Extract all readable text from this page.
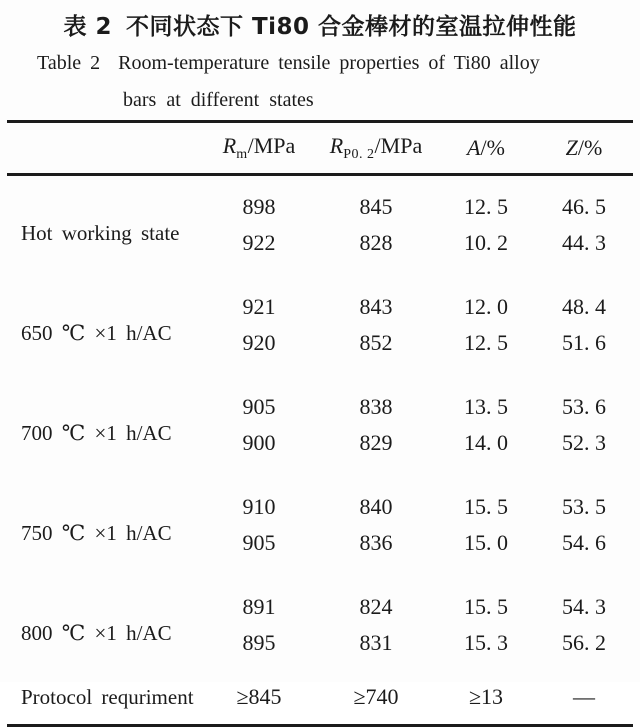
表 2 不同状态下 Ti80 合金棒材的室温拉伸性能
Table 2 Room-temperature tensile properties of Ti80 alloy
bars at different states
	$R_m$/MPa	$R_{P0. 2}$/MPa	A/%	Z/%
Hot working state	898	845	12. 5	46. 5
	922	828	10. 2	44. 3
650 ℃ ×1 h/AC	921	843	12. 0	48. 4
	920	852	12. 5	51. 6
700 ℃ ×1 h/AC	905	838	13. 5	53. 6
	900	829	14. 0	52. 3
750 ℃ ×1 h/AC	910	840	15. 5	53. 5
	905	836	15. 0	54. 6
800 ℃ ×1 h/AC	891	824	15. 5	54. 3
	895	831	15. 3	56. 2
Protocol requriment	≥845	≥740	≥13	—
